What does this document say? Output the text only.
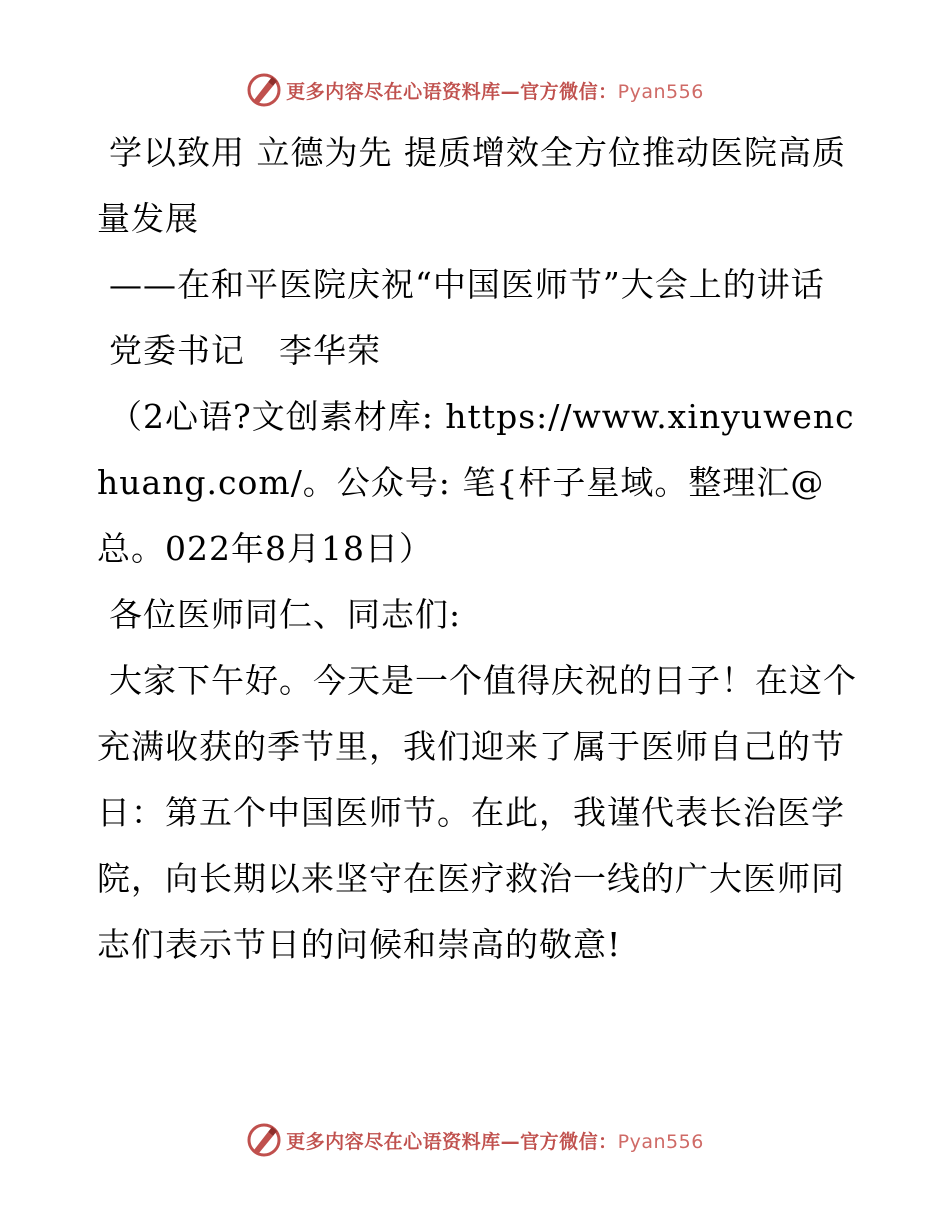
更多内容尽在心语资料库—官方微信：Pyan556

学以致用 立德为先 提质增效全方位推动医院高质量发展

——在和平医院庆祝“中国医师节”大会上的讲话

党委书记　李华荣

（2心语?文创素材库: https://www.xinyuwenchuang.com/。公众号: 笔{杆子星域。整理汇@总。022年8月18日）

各位医师同仁、同志们:

大家下午好。今天是一个值得庆祝的日子！在这个充满收获的季节里，我们迎来了属于医师自己的节日：第五个中国医师节。在此，我谨代表长治医学院，向长期以来坚守在医疗救治一线的广大医师同志们表示节日的问候和崇高的敬意!

更多内容尽在心语资料库—官方微信：Pyan556
